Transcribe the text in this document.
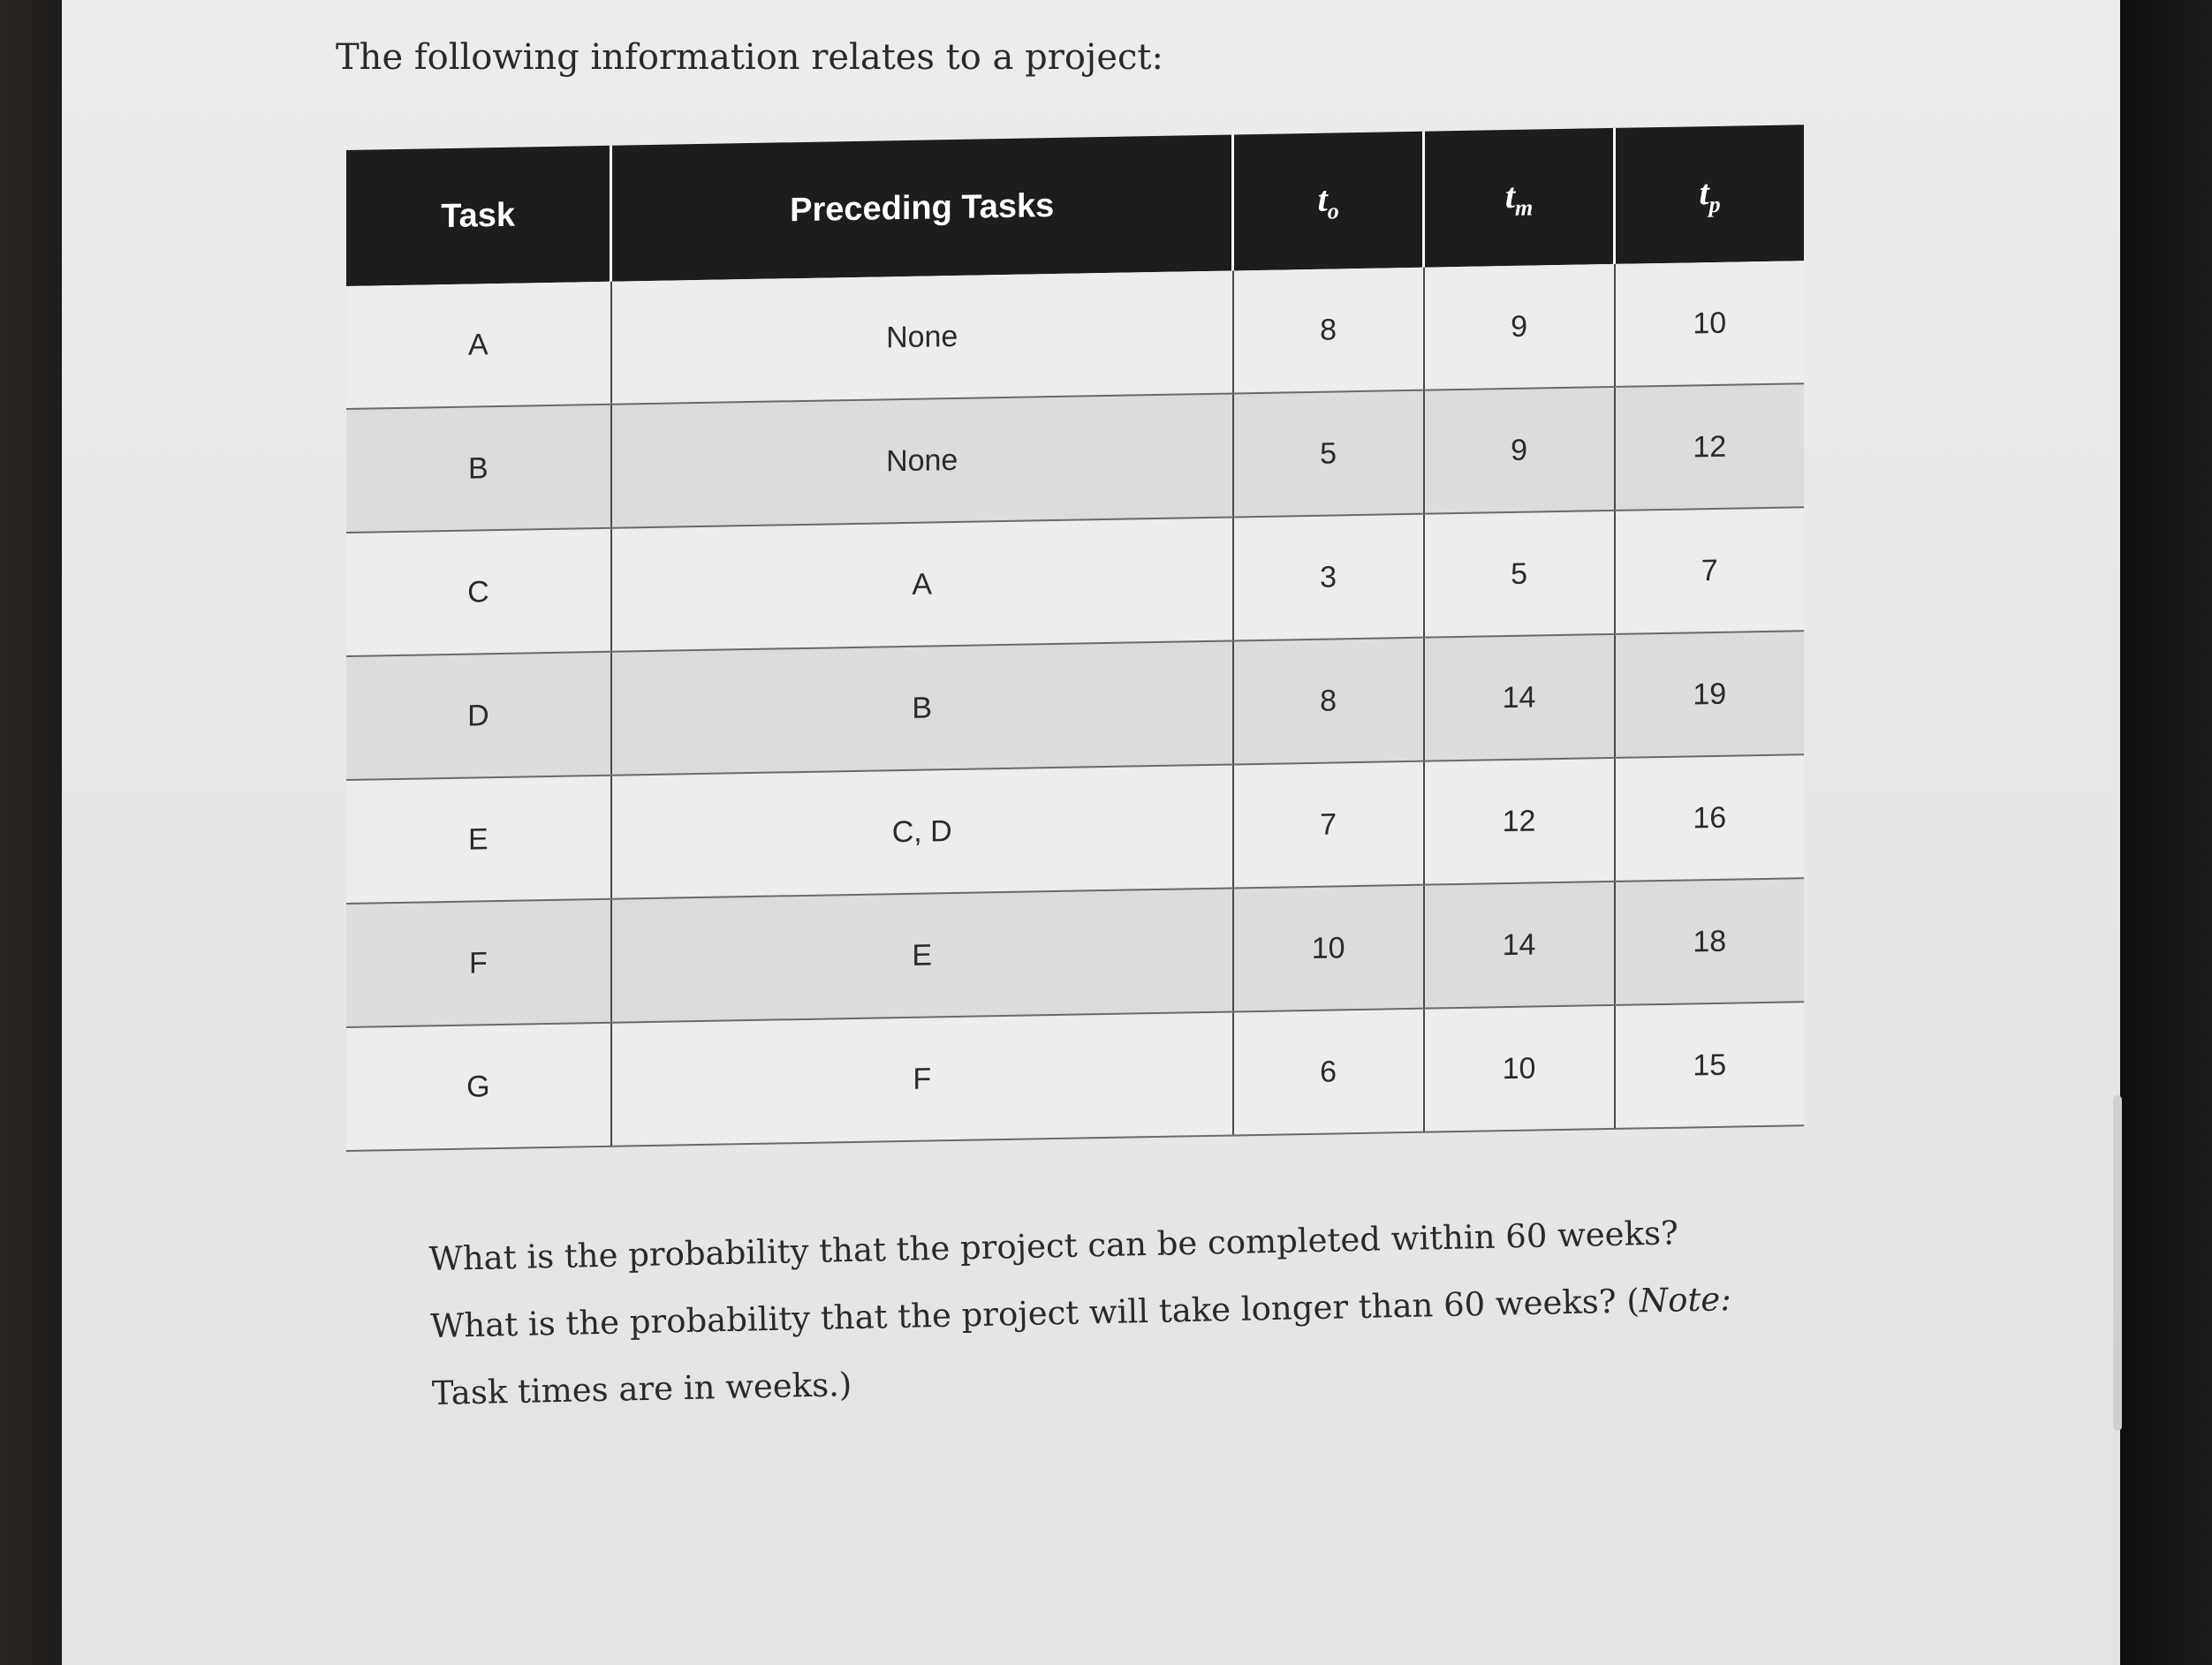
The following information relates to a project:

Task	Preceding Tasks	$t_o$	$t_m$	$t_p$
A	None	8	9	10
B	None	5	9	12
C	A	3	5	7
D	B	8	14	19
E	C, D	7	12	16
F	E	10	14	18
G	F	6	10	15

What is the probability that the project can be completed within 60 weeks? What is the probability that the project will take longer than 60 weeks? (Note: Task times are in weeks.)
